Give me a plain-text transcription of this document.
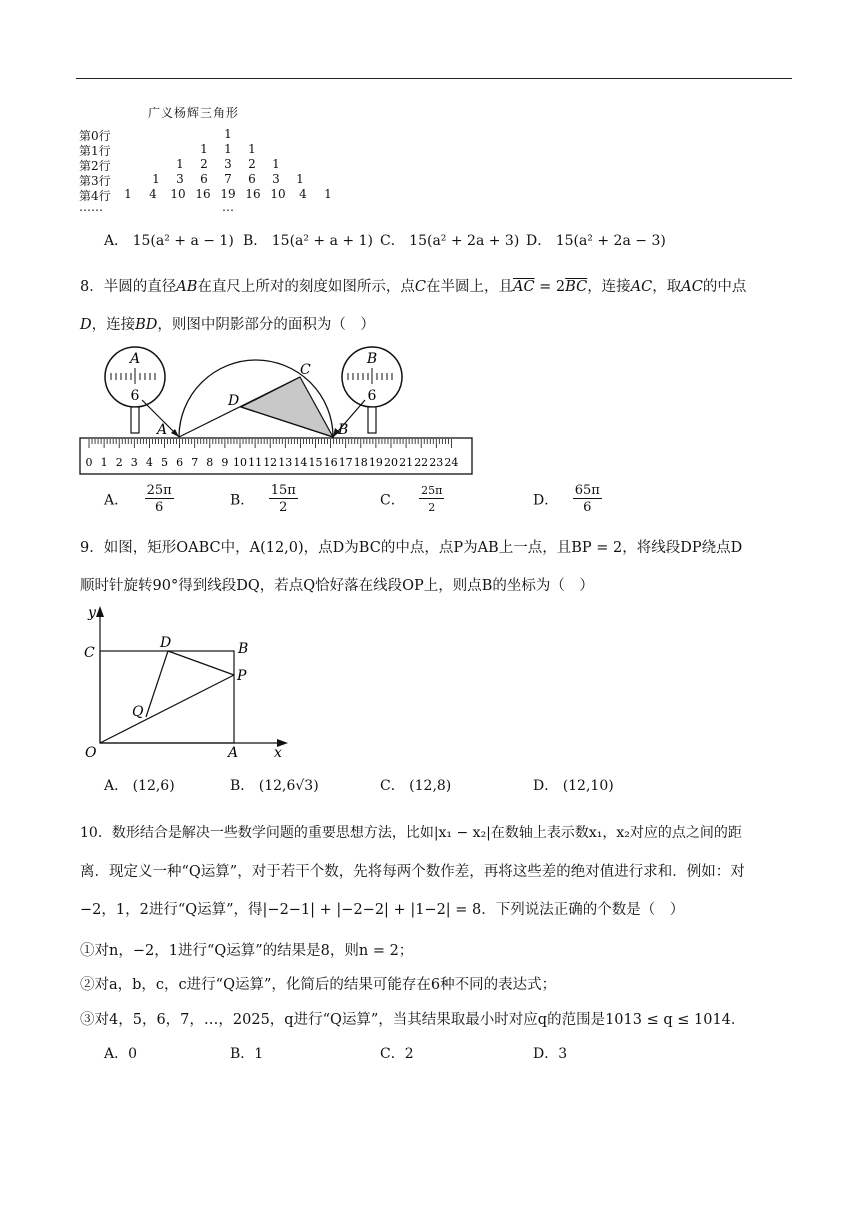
广义杨辉三角形
第0行	1
第1行	1 1 1
第2行	1 2 3 2 1
第3行	1 3 6 7 6 3 1
第4行 1 4 10 16 19 16 10 4 1
……	…
A． 15(a² + a − 1) B． 15(a² + a + 1) C． 15(a² + 2a + 3) D． 15(a² + 2a − 3)
8．半圆的直径AB在直尺上所对的刻度如图所示，点C在半圆上，且$\overline{AC} = 2\overline{BC}$，连接AC，取AC的中点
D，连接BD，则图中阴影部分的面积为（　）
A
6
B
6
A	B
C
D
0 1 2 3 4 5 6 7 8 9 10 11 12 13 14 15 16 17 18 19 20 21 22 23 24
A． $\frac{25\pi}{6}$	B． $\frac{15\pi}{2}$	C． $\frac{25\pi}{2}$	D． $\frac{65\pi}{6}$
9．如图，矩形OABC中，A(12,0)，点D为BC的中点，点P为AB上一点，且BP = 2，将线段DP绕点D
顺时针旋转90°得到线段DQ，若点Q恰好落在线段OP上，则点B的坐标为（　）
y
x
C
D	B
P
Q
O	A
A． (12,6)	B． (12,6√3)	C． (12,8)	D． (12,10)
10．数形结合是解决一些数学问题的重要思想方法，比如|x₁ − x₂|在数轴上表示数x₁，x₂对应的点之间的距
离．现定义一种“Q运算”，对于若干个数，先将每两个数作差，再将这些差的绝对值进行求和．例如：对
−2，1，2进行“Q运算”，得|−2−1| + |−2−2| + |1−2| = 8．下列说法正确的个数是（　）
①对n，−2，1进行“Q运算”的结果是8，则n = 2；
②对a，b，c，c进行“Q运算”，化简后的结果可能存在6种不同的表达式；
③对4，5，6，7，…，2025，q进行“Q运算”，当其结果取最小时对应q的范围是1013 ≤ q ≤ 1014．
A．0	B．1	C．2	D．3
